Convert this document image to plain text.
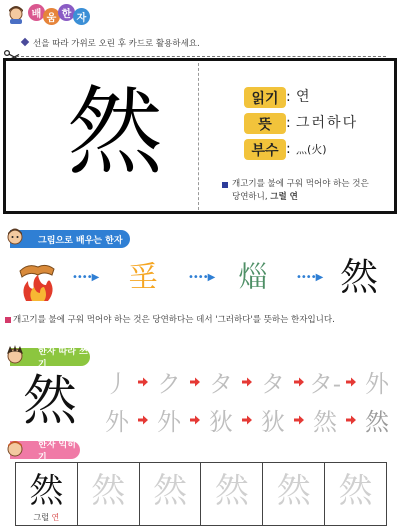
배 움 한 자
선을 따라 가위로 오린 후 카드로 활용하세요.
然	읽기 : 연
뜻	: 그러하다
부수 : 灬(火)
개고기를 불에 구워 먹어야 하는 것은
당연하니, 그럴 연
그림으로 배우는 한자
••••▶ 㸒	••••▶ 𤉣	••••▶ 然
개고기를 불에 구워 먹어야 하는 것은 당연하다는 데서 '그러하다'를 뜻하는 한자입니다.
한자 따라 쓰기
然 丿 ク タ タ タ- 外
外 外 狄 狄 然 然
한자 익히기
然
그럴 연
然 然 然 然 然
